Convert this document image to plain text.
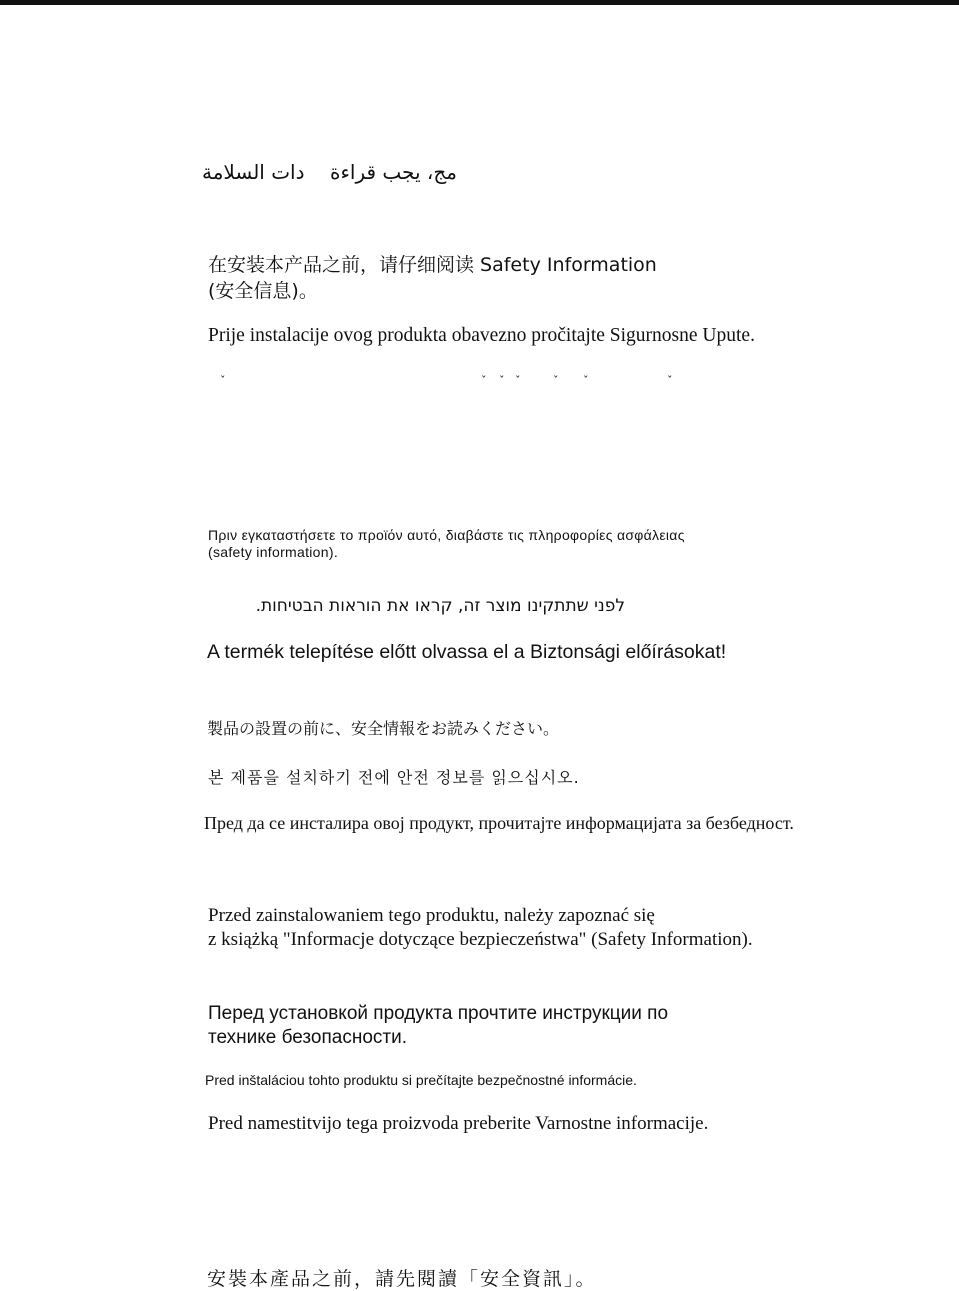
دات السلامة مج، يجب قراءة
在安装本产品之前，请仔细阅读 Safety Information
(安全信息)。
Prije instalacije ovog produkta obavezno pročitajte Sigurnosne Upute.
ˇ	ˇ ˇ ˇ	ˇ ˇ	ˇ
Πριν εγκαταστήσετε το προϊόν αυτό, διαβάστε τις πληροφορίες ασφάλειας
(safety information).
לפני שתתקינו מוצר זה, קראו את הוראות הבטיחות.
A termék telepítése előtt olvassa el a Biztonsági előírásokat!
製品の設置の前に、安全情報をお読みください。
본 제품을 설치하기 전에 안전 정보를 읽으십시오.
Пред да се инсталира овој продукт, прочитајте информацијата за безбедност.
Przed zainstalowaniem tego produktu, należy zapoznać się
z książką "Informacje dotyczące bezpieczeństwa" (Safety Information).
Перед установкой продукта прочтите инструкции по
технике безопасности.
Pred inštaláciou tohto produktu si prečítajte bezpečnostné informácie.
Pred namestitvijo tega proizvoda preberite Varnostne informacije.
安裝本產品之前，請先閱讀「安全資訊」。
